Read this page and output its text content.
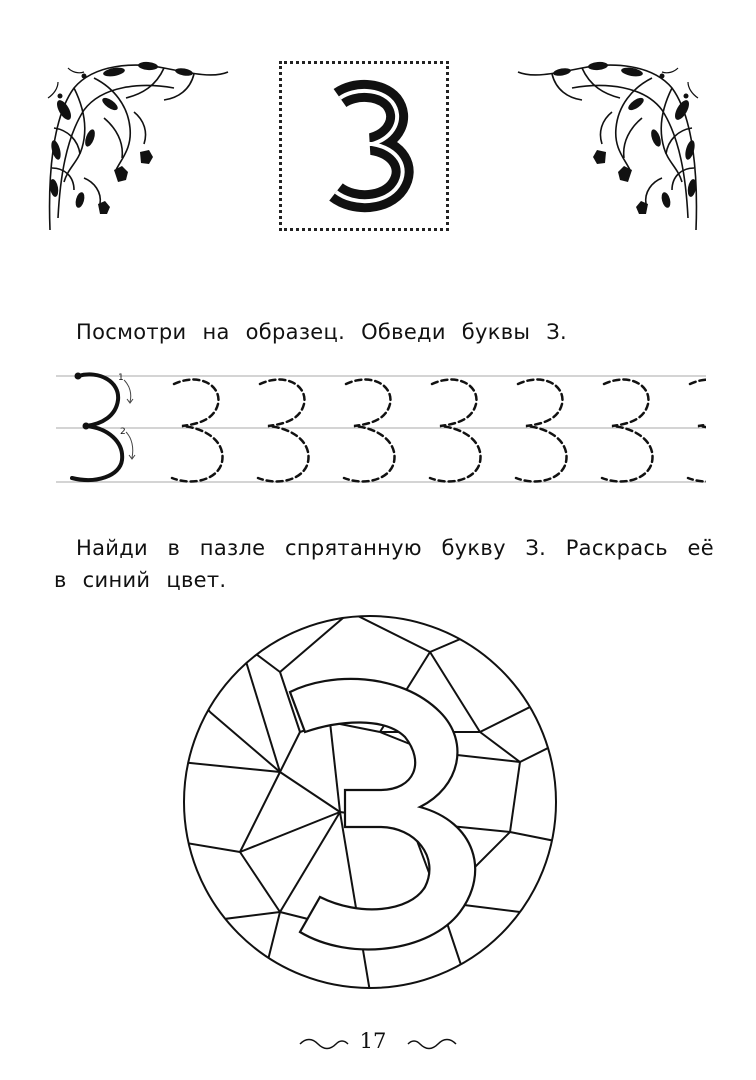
Посмотри на образец. Обведи буквы З.

1
2

Найди в пазле спрятанную букву З. Раскрась её в синий цвет.

17
